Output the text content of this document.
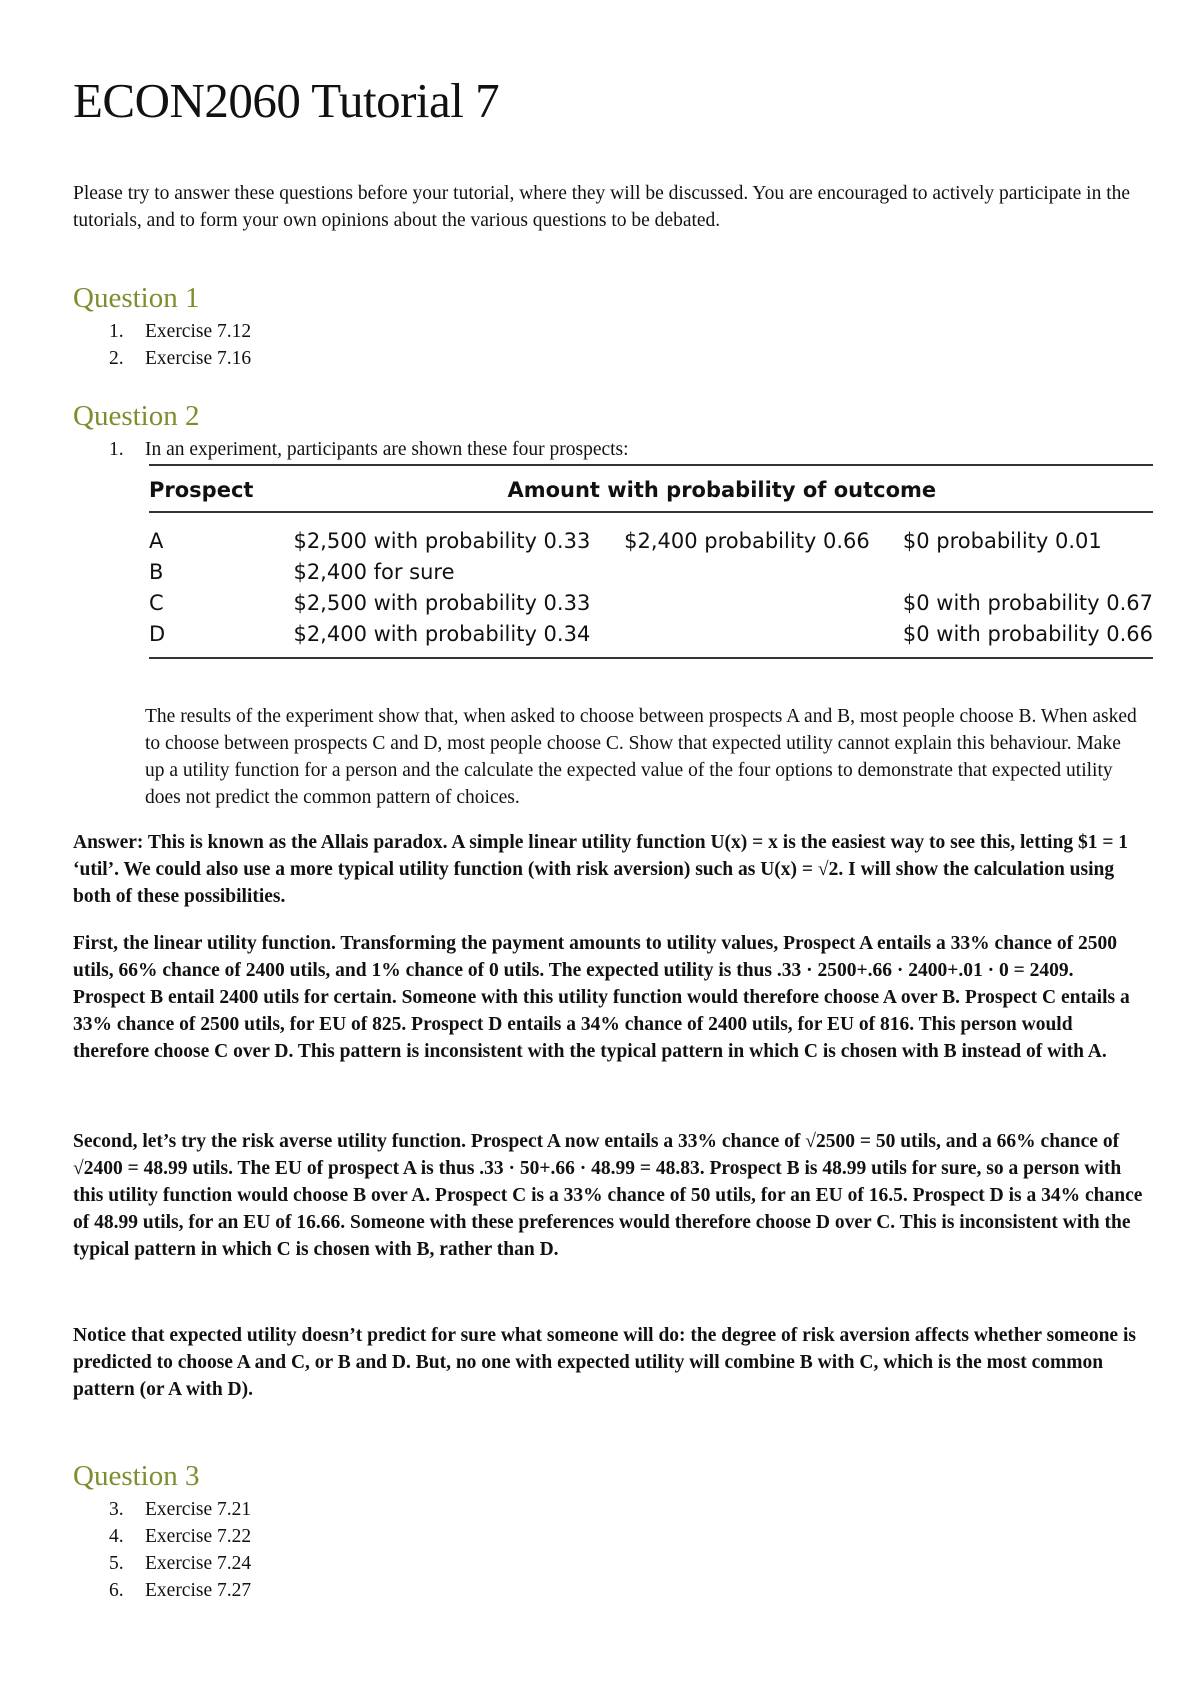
ECON2060 Tutorial 7

Please try to answer these questions before your tutorial, where they will be discussed. You are encouraged to actively participate in the tutorials, and to form your own opinions about the various questions to be debated.

Question 1
1.	Exercise 7.12
2.	Exercise 7.16
Question 2
1.	In an experiment, participants are shown these four prospects:
Prospect	Amount with probability of outcome		
A	$2,500 with probability 0.33	$2,400 probability 0.66	$0 probability 0.01
B	$2,400 for sure		
C	$2,500 with probability 0.33		$0 with probability 0.67
D	$2,400 with probability 0.34		$0 with probability 0.66

The results of the experiment show that, when asked to choose between prospects A and B, most people choose B. When asked to choose between prospects C and D, most people choose C. Show that expected utility cannot explain this behaviour. Make up a utility function for a person and the calculate the expected value of the four options to demonstrate that expected utility does not predict the common pattern of choices.

Answer: This is known as the Allais paradox. A simple linear utility function U(x) = x is the easiest way to see this, letting $1 = 1 ‘util’. We could also use a more typical utility function (with risk aversion) such as U(x) = √2. I will show the calculation using both of these possibilities.

First, the linear utility function. Transforming the payment amounts to utility values, Prospect A entails a 33% chance of 2500 utils, 66% chance of 2400 utils, and 1% chance of 0 utils. The expected utility is thus .33 · 2500+.66 · 2400+.01 · 0 = 2409. Prospect B entail 2400 utils for certain. Someone with this utility function would therefore choose A over B. Prospect C entails a 33% chance of 2500 utils, for EU of 825. Prospect D entails a 34% chance of 2400 utils, for EU of 816. This person would therefore choose C over D. This pattern is inconsistent with the typical pattern in which C is chosen with B instead of with A.

Second, let’s try the risk averse utility function. Prospect A now entails a 33% chance of √2500 = 50 utils, and a 66% chance of √2400 = 48.99 utils. The EU of prospect A is thus .33 · 50+.66 · 48.99 = 48.83. Prospect B is 48.99 utils for sure, so a person with this utility function would choose B over A. Prospect C is a 33% chance of 50 utils, for an EU of 16.5. Prospect D is a 34% chance of 48.99 utils, for an EU of 16.66. Someone with these preferences would therefore choose D over C. This is inconsistent with the typical pattern in which C is chosen with B, rather than D.

Notice that expected utility doesn’t predict for sure what someone will do: the degree of risk aversion affects whether someone is predicted to choose A and C, or B and D. But, no one with expected utility will combine B with C, which is the most common pattern (or A with D).

Question 3
3.	Exercise 7.21
4.	Exercise 7.22
5.	Exercise 7.24
6.	Exercise 7.27
